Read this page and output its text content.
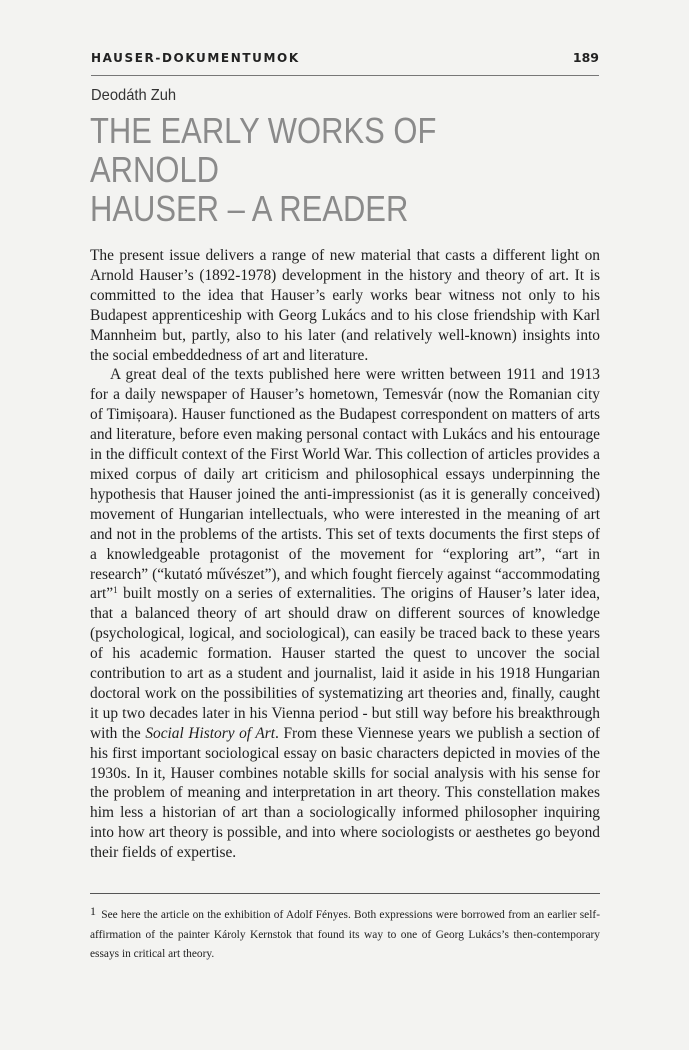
HAUSER-DOKUMENTUMOK	189
Deodáth Zuh
THE EARLY WORKS OF ARNOLD
HAUSER – A READER

The present issue delivers a range of new material that casts a different light on Arnold Hauser’s (1892-1978) development in the history and theory of art. It is committed to the idea that Hauser’s early works bear witness not only to his Budapest apprenticeship with Georg Lukács and to his close friendship with Karl Mannheim but, partly, also to his later (and relatively well-known) insights into the social embeddedness of art and literature.

A great deal of the texts published here were written between 1911 and 1913 for a daily newspaper of Hauser’s hometown, Temesvár (now the Romanian city of Timișoara). Hauser functioned as the Budapest correspondent on matters of arts and literature, before even making personal contact with Lukács and his entourage in the difficult context of the First World War. This collection of articles provides a mixed corpus of daily art criticism and philosophical essays underpinning the hypothesis that Hauser joined the anti-impressionist (as it is generally conceived) movement of Hungarian intellectuals, who were interested in the meaning of art and not in the problems of the artists. This set of texts documents the first steps of a knowledgeable protagonist of the movement for “exploring art”, “art in research” (“kutató művészet”), and which fought fiercely against “accommodating art”$^1$ built mostly on a series of externalities. The origins of Hauser’s later idea, that a balanced theory of art should draw on different sources of knowledge (psychological, logical, and sociological), can easily be traced back to these years of his academic formation. Hauser started the quest to uncover the social contribution to art as a student and journalist, laid it aside in his 1918 Hungarian doctoral work on the possibilities of systematizing art theories and, finally, caught it up two decades later in his Vienna period - but still way before his breakthrough with the Social History of Art. From these Viennese years we publish a section of his first important sociological essay on basic characters depicted in movies of the 1930s. In it, Hauser combines notable skills for social analysis with his sense for the problem of meaning and interpretation in art theory. This constellation makes him less a historian of art than a sociologically informed philosopher inquiring into how art theory is possible, and into where sociologists or aesthetes go beyond their fields of expertise.

1 See here the article on the exhibition of Adolf Fényes. Both expressions were borrowed from an earlier self-affirmation of the painter Károly Kernstok that found its way to one of Georg Lukács’s then-contemporary essays in critical art theory.
